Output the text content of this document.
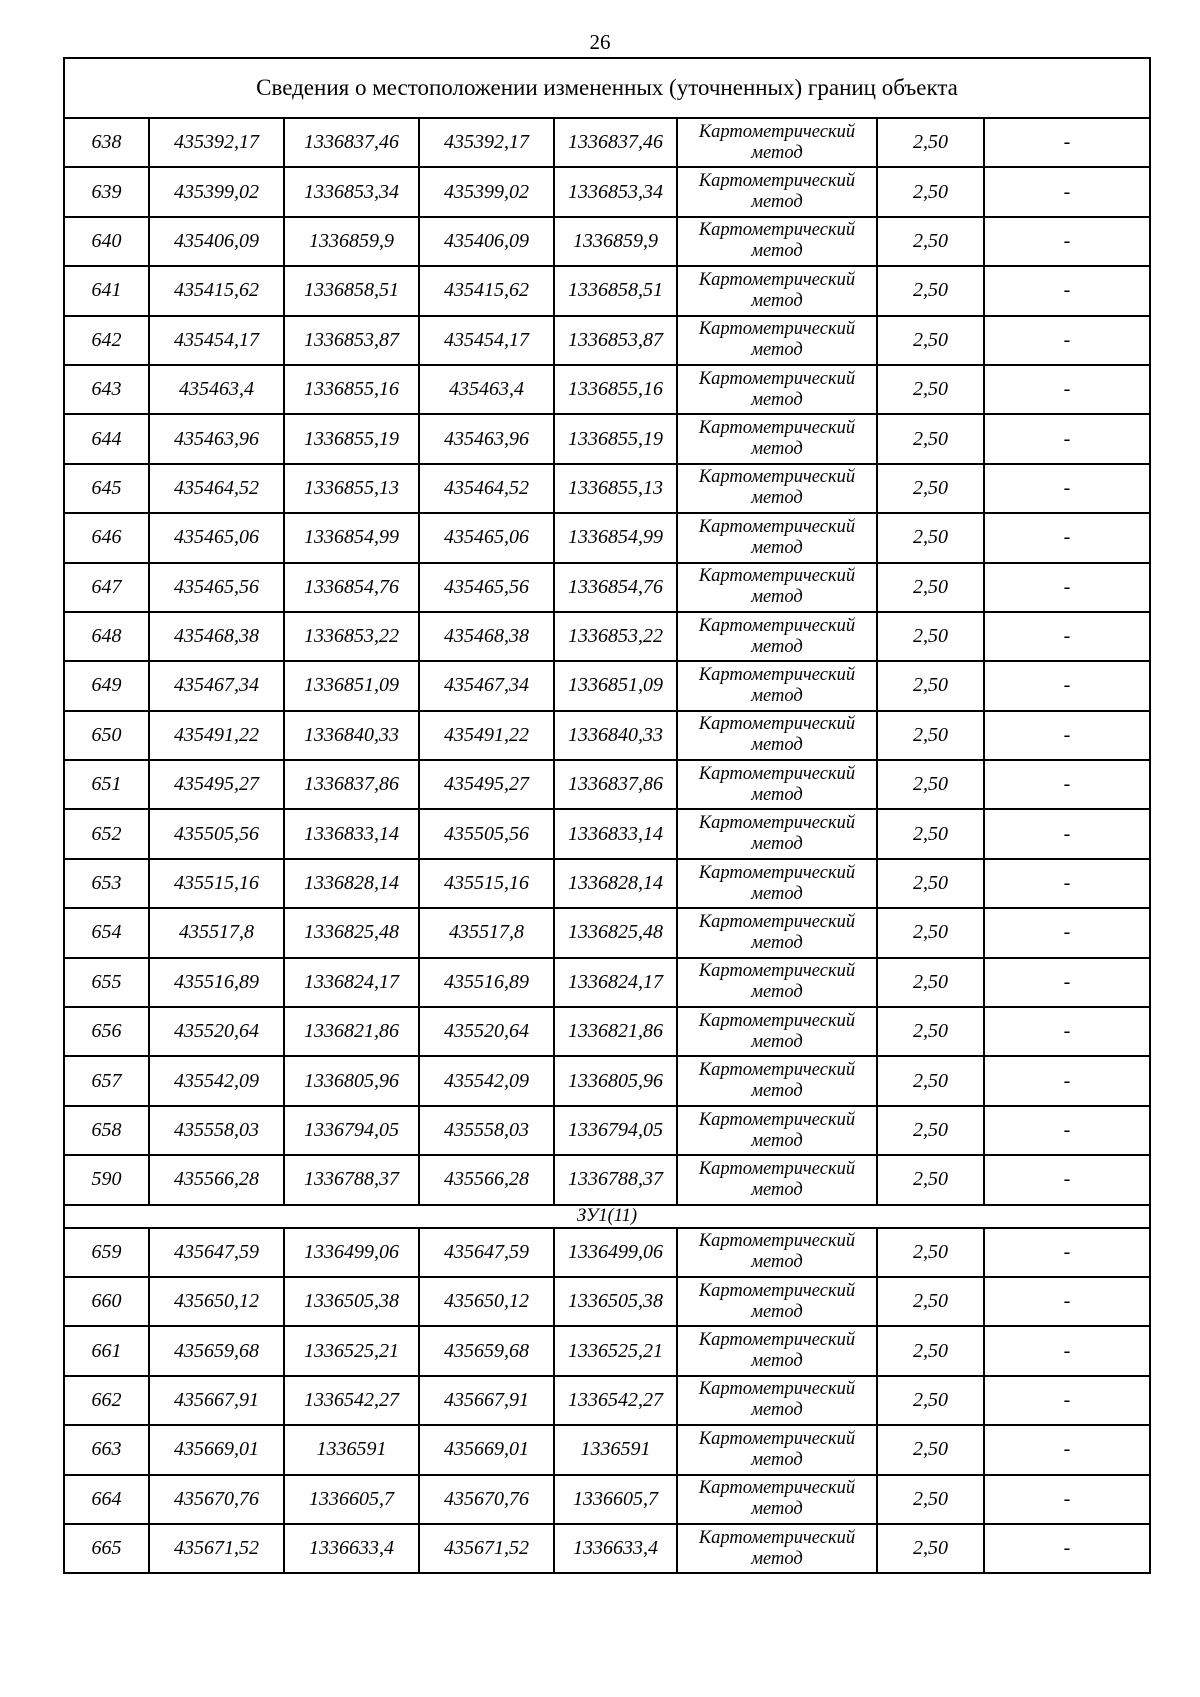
26
Сведения о местоположении измененных (уточненных) границ объекта							
638	435392,17	1336837,46	435392,17	1336837,46	Картометрический метод	2,50	-
639	435399,02	1336853,34	435399,02	1336853,34	Картометрический метод	2,50	-
640	435406,09	1336859,9	435406,09	1336859,9	Картометрический метод	2,50	-
641	435415,62	1336858,51	435415,62	1336858,51	Картометрический метод	2,50	-
642	435454,17	1336853,87	435454,17	1336853,87	Картометрический метод	2,50	-
643	435463,4	1336855,16	435463,4	1336855,16	Картометрический метод	2,50	-
644	435463,96	1336855,19	435463,96	1336855,19	Картометрический метод	2,50	-
645	435464,52	1336855,13	435464,52	1336855,13	Картометрический метод	2,50	-
646	435465,06	1336854,99	435465,06	1336854,99	Картометрический метод	2,50	-
647	435465,56	1336854,76	435465,56	1336854,76	Картометрический метод	2,50	-
648	435468,38	1336853,22	435468,38	1336853,22	Картометрический метод	2,50	-
649	435467,34	1336851,09	435467,34	1336851,09	Картометрический метод	2,50	-
650	435491,22	1336840,33	435491,22	1336840,33	Картометрический метод	2,50	-
651	435495,27	1336837,86	435495,27	1336837,86	Картометрический метод	2,50	-
652	435505,56	1336833,14	435505,56	1336833,14	Картометрический метод	2,50	-
653	435515,16	1336828,14	435515,16	1336828,14	Картометрический метод	2,50	-
654	435517,8	1336825,48	435517,8	1336825,48	Картометрический метод	2,50	-
655	435516,89	1336824,17	435516,89	1336824,17	Картометрический метод	2,50	-
656	435520,64	1336821,86	435520,64	1336821,86	Картометрический метод	2,50	-
657	435542,09	1336805,96	435542,09	1336805,96	Картометрический метод	2,50	-
658	435558,03	1336794,05	435558,03	1336794,05	Картометрический метод	2,50	-
590	435566,28	1336788,37	435566,28	1336788,37	Картометрический метод	2,50	-
ЗУ1(11)							
659	435647,59	1336499,06	435647,59	1336499,06	Картометрический метод	2,50	-
660	435650,12	1336505,38	435650,12	1336505,38	Картометрический метод	2,50	-
661	435659,68	1336525,21	435659,68	1336525,21	Картометрический метод	2,50	-
662	435667,91	1336542,27	435667,91	1336542,27	Картометрический метод	2,50	-
663	435669,01	1336591	435669,01	1336591	Картометрический метод	2,50	-
664	435670,76	1336605,7	435670,76	1336605,7	Картометрический метод	2,50	-
665	435671,52	1336633,4	435671,52	1336633,4	Картометрический метод	2,50	-
